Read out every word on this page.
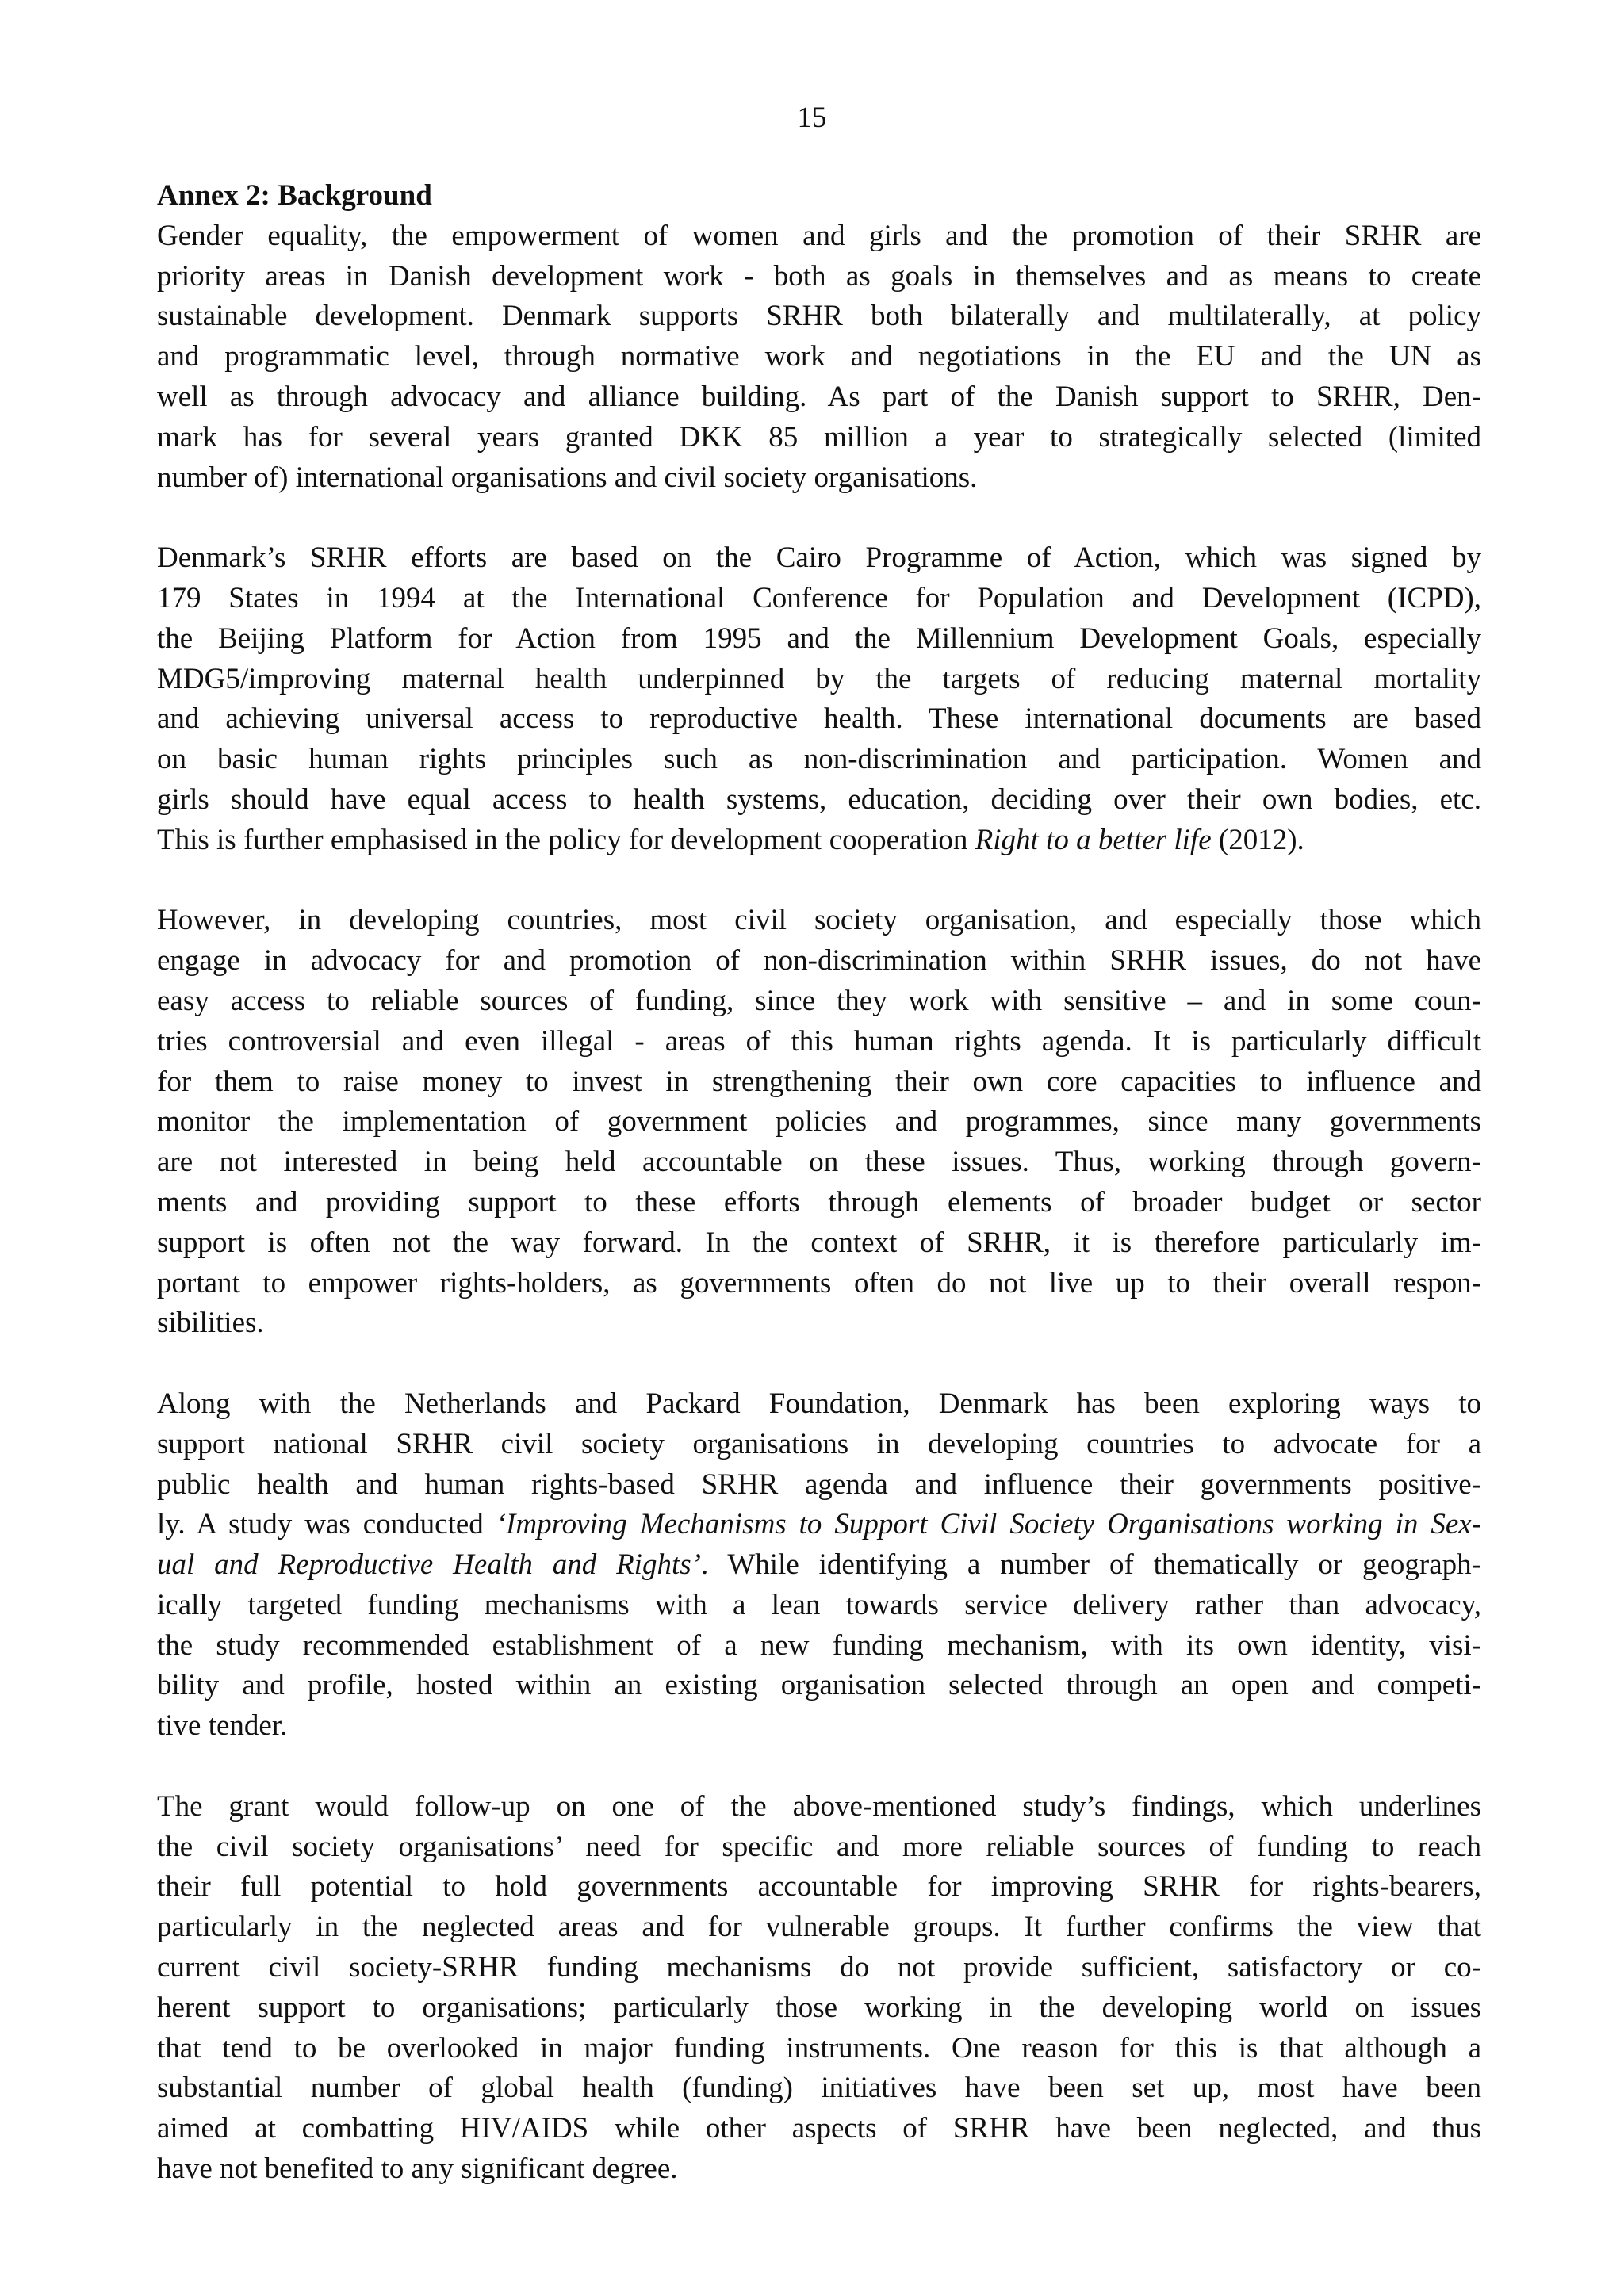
15
Annex 2: Background
Gender equality, the empowerment of women and girls and the promotion of their SRHR are
priority areas in Danish development work - both as goals in themselves and as means to create
sustainable development. Denmark supports SRHR both bilaterally and multilaterally, at policy
and programmatic level, through normative work and negotiations in the EU and the UN as
well as through advocacy and alliance building. As part of the Danish support to SRHR, Den-
mark has for several years granted DKK 85 million a year to strategically selected (limited
number of) international organisations and civil society organisations.
Denmark’s SRHR efforts are based on the Cairo Programme of Action, which was signed by
179 States in 1994 at the International Conference for Population and Development (ICPD),
the Beijing Platform for Action from 1995 and the Millennium Development Goals, especially
MDG5/improving maternal health underpinned by the targets of reducing maternal mortality
and achieving universal access to reproductive health. These international documents are based
on basic human rights principles such as non-discrimination and participation. Women and
girls should have equal access to health systems, education, deciding over their own bodies, etc.
This is further emphasised in the policy for development cooperation Right to a better life (2012).
However, in developing countries, most civil society organisation, and especially those which
engage in advocacy for and promotion of non-discrimination within SRHR issues, do not have
easy access to reliable sources of funding, since they work with sensitive – and in some coun-
tries controversial and even illegal - areas of this human rights agenda. It is particularly difficult
for them to raise money to invest in strengthening their own core capacities to influence and
monitor the implementation of government policies and programmes, since many governments
are not interested in being held accountable on these issues. Thus, working through govern-
ments and providing support to these efforts through elements of broader budget or sector
support is often not the way forward. In the context of SRHR, it is therefore particularly im-
portant to empower rights-holders, as governments often do not live up to their overall respon-
sibilities.
Along with the Netherlands and Packard Foundation, Denmark has been exploring ways to
support national SRHR civil society organisations in developing countries to advocate for a
public health and human rights-based SRHR agenda and influence their governments positive-
ly. A study was conducted ‘Improving Mechanisms to Support Civil Society Organisations working in Sex-
ual and Reproductive Health and Rights’. While identifying a number of thematically or geograph-
ically targeted funding mechanisms with a lean towards service delivery rather than advocacy,
the study recommended establishment of a new funding mechanism, with its own identity, visi-
bility and profile, hosted within an existing organisation selected through an open and competi-
tive tender.
The grant would follow-up on one of the above-mentioned study’s findings, which underlines
the civil society organisations’ need for specific and more reliable sources of funding to reach
their full potential to hold governments accountable for improving SRHR for rights-bearers,
particularly in the neglected areas and for vulnerable groups. It further confirms the view that
current civil society-SRHR funding mechanisms do not provide sufficient, satisfactory or co-
herent support to organisations; particularly those working in the developing world on issues
that tend to be overlooked in major funding instruments. One reason for this is that although a
substantial number of global health (funding) initiatives have been set up, most have been
aimed at combatting HIV/AIDS while other aspects of SRHR have been neglected, and thus
have not benefited to any significant degree.
